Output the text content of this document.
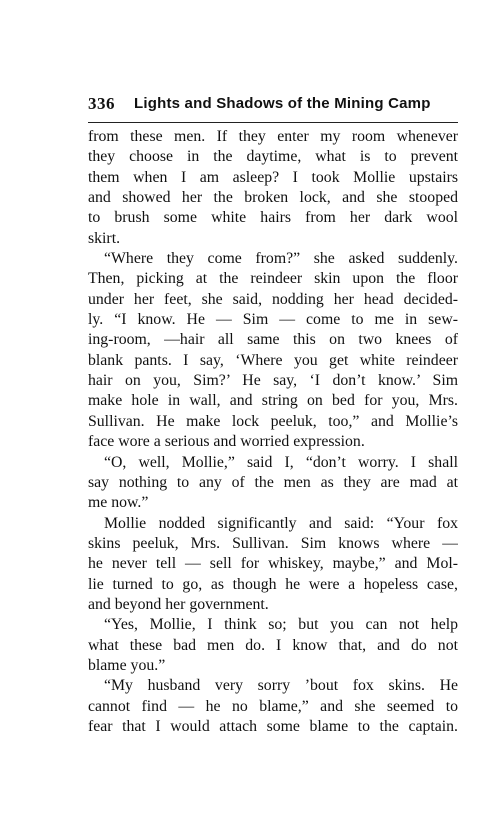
336 Lights and Shadows of the Mining Camp
from these men. If they enter my room whenever
they choose in the daytime, what is to prevent
them when I am asleep? I took Mollie upstairs
and showed her the broken lock, and she stooped
to brush some white hairs from her dark wool
skirt.
“Where they come from?” she asked suddenly.
Then, picking at the reindeer skin upon the floor
under her feet, she said, nodding her head decided-
ly. “I know. He — Sim — come to me in sew-
ing-room, —hair all same this on two knees of
blank pants. I say, ‘Where you get white reindeer
hair on you, Sim?’ He say, ‘I don’t know.’ Sim
make hole in wall, and string on bed for you, Mrs.
Sullivan. He make lock peeluk, too,” and Mollie’s
face wore a serious and worried expression.
“O, well, Mollie,” said I, “don’t worry. I shall
say nothing to any of the men as they are mad at
me now.”
Mollie nodded significantly and said: “Your fox
skins peeluk, Mrs. Sullivan. Sim knows where —
he never tell — sell for whiskey, maybe,” and Mol-
lie turned to go, as though he were a hopeless case,
and beyond her government.
“Yes, Mollie, I think so; but you can not help
what these bad men do. I know that, and do not
blame you.”
“My husband very sorry ’bout fox skins. He
cannot find — he no blame,” and she seemed to
fear that I would attach some blame to the captain.
